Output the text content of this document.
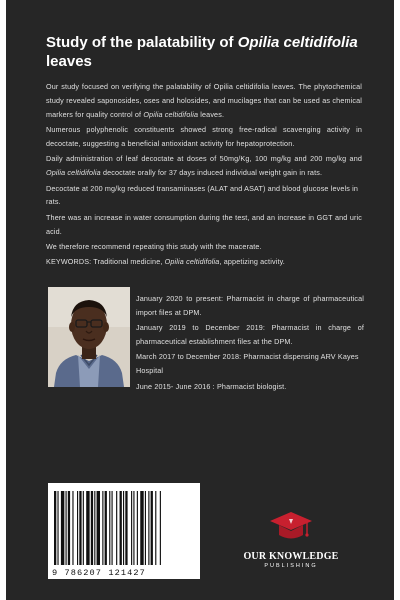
Study of the palatability of Opilia celtidifolia leaves

Our study focused on verifying the palatability of Opilia celtidifolia leaves. The phytochemical study revealed saponosides, oses and holosides, and mucilages that can be used as chemical markers for quality control of Opilia celtidifolia leaves.

Numerous polyphenolic constituents showed strong free-radical scavenging activity in decoctate, suggesting a beneficial antioxidant activity for hepatoprotection.

Daily administration of leaf decoctate at doses of 50mg/Kg, 100 mg/kg and 200 mg/kg and Opilia celtidifolia decoctate orally for 37 days induced individual weight gain in rats.

Decoctate at 200 mg/kg reduced transaminases (ALAT and ASAT) and blood glucose levels in rats.

There was an increase in water consumption during the test, and an increase in GGT and uric acid.

We therefore recommend repeating this study with the macerate.

KEYWORDS: Traditional medicine, Opilia celtidifolia, appetizing activity.

January 2020 to present: Pharmacist in charge of pharmaceutical import files at DPM.

January 2019 to December 2019: Pharmacist in charge of pharmaceutical establishment files at the DPM.

March 2017 to December 2018: Pharmacist dispensing ARV Kayes Hospital

June 2015- June 2016 : Pharmacist biologist.

9 786207 121427
OUR KNOWLEDGE
PUBLISHING
